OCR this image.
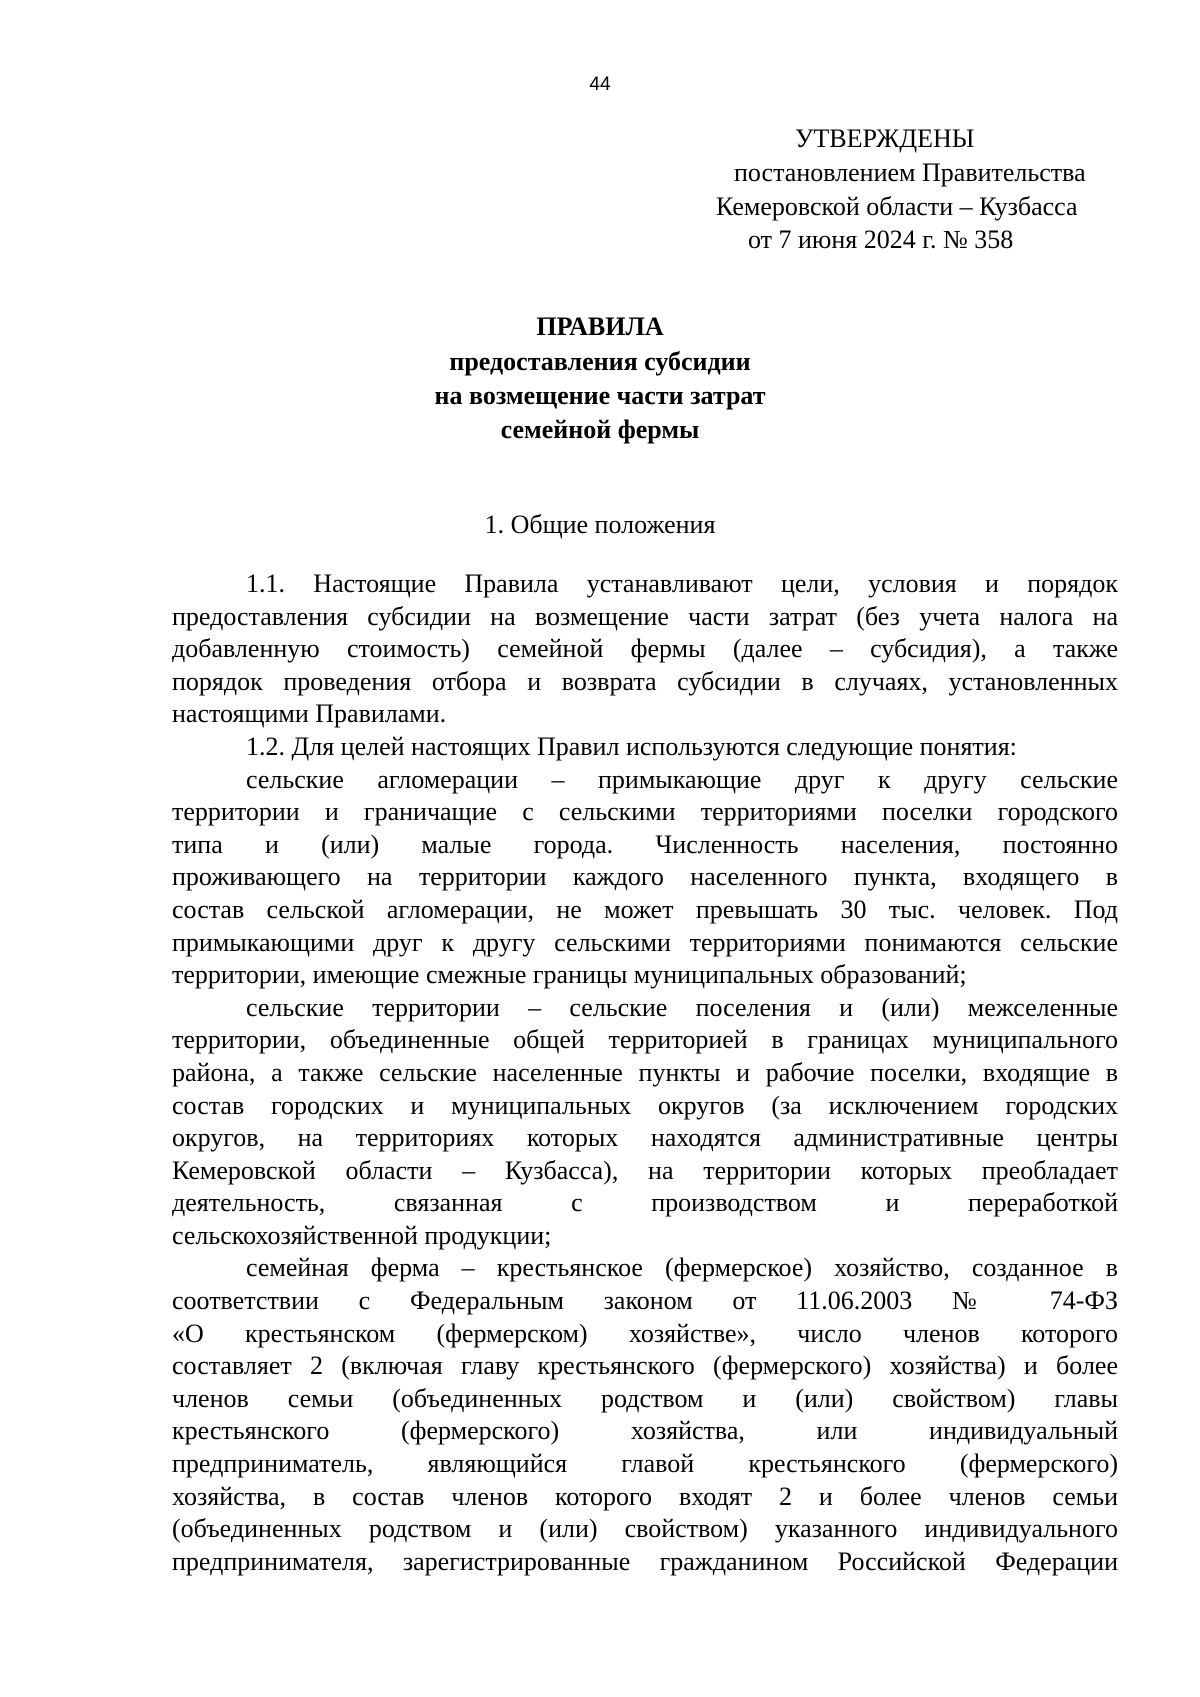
44
УТВЕРЖДЕНЫ
постановлением Правительства
Кемеровской области – Кузбасса
от 7 июня 2024 г. № 358
ПРАВИЛА
предоставления субсидии
на возмещение части затрат
семейной фермы
1. Общие положения
1.1. Настоящие Правила устанавливают цели, условия и порядок
предоставления субсидии на возмещение части затрат (без учета налога на
добавленную стоимость) семейной фермы (далее – субсидия), а также
порядок проведения отбора и возврата субсидии в случаях, установленных
настоящими Правилами.
1.2. Для целей настоящих Правил используются следующие понятия:
сельские агломерации – примыкающие друг к другу сельские
территории и граничащие с сельскими территориями поселки городского
типа и (или) малые города. Численность населения, постоянно
проживающего на территории каждого населенного пункта, входящего в
состав сельской агломерации, не может превышать 30 тыс. человек. Под
примыкающими друг к другу сельскими территориями понимаются сельские
территории, имеющие смежные границы муниципальных образований;
сельские территории – сельские поселения и (или) межселенные
территории, объединенные общей территорией в границах муниципального
района, а также сельские населенные пункты и рабочие поселки, входящие в
состав городских и муниципальных округов (за исключением городских
округов, на территориях которых находятся административные центры
Кемеровской области – Кузбасса), на территории которых преобладает
деятельность, связанная с производством и переработкой
сельскохозяйственной продукции;
семейная ферма – крестьянское (фермерское) хозяйство, созданное в
соответствии с Федеральным законом от 11.06.2003 № 74-ФЗ
«О крестьянском (фермерском) хозяйстве», число членов которого
составляет 2 (включая главу крестьянского (фермерского) хозяйства) и более
членов семьи (объединенных родством и (или) свойством) главы
крестьянского (фермерского) хозяйства, или индивидуальный
предприниматель, являющийся главой крестьянского (фермерского)
хозяйства, в состав членов которого входят 2 и более членов семьи
(объединенных родством и (или) свойством) указанного индивидуального
предпринимателя, зарегистрированные гражданином Российской Федерации
